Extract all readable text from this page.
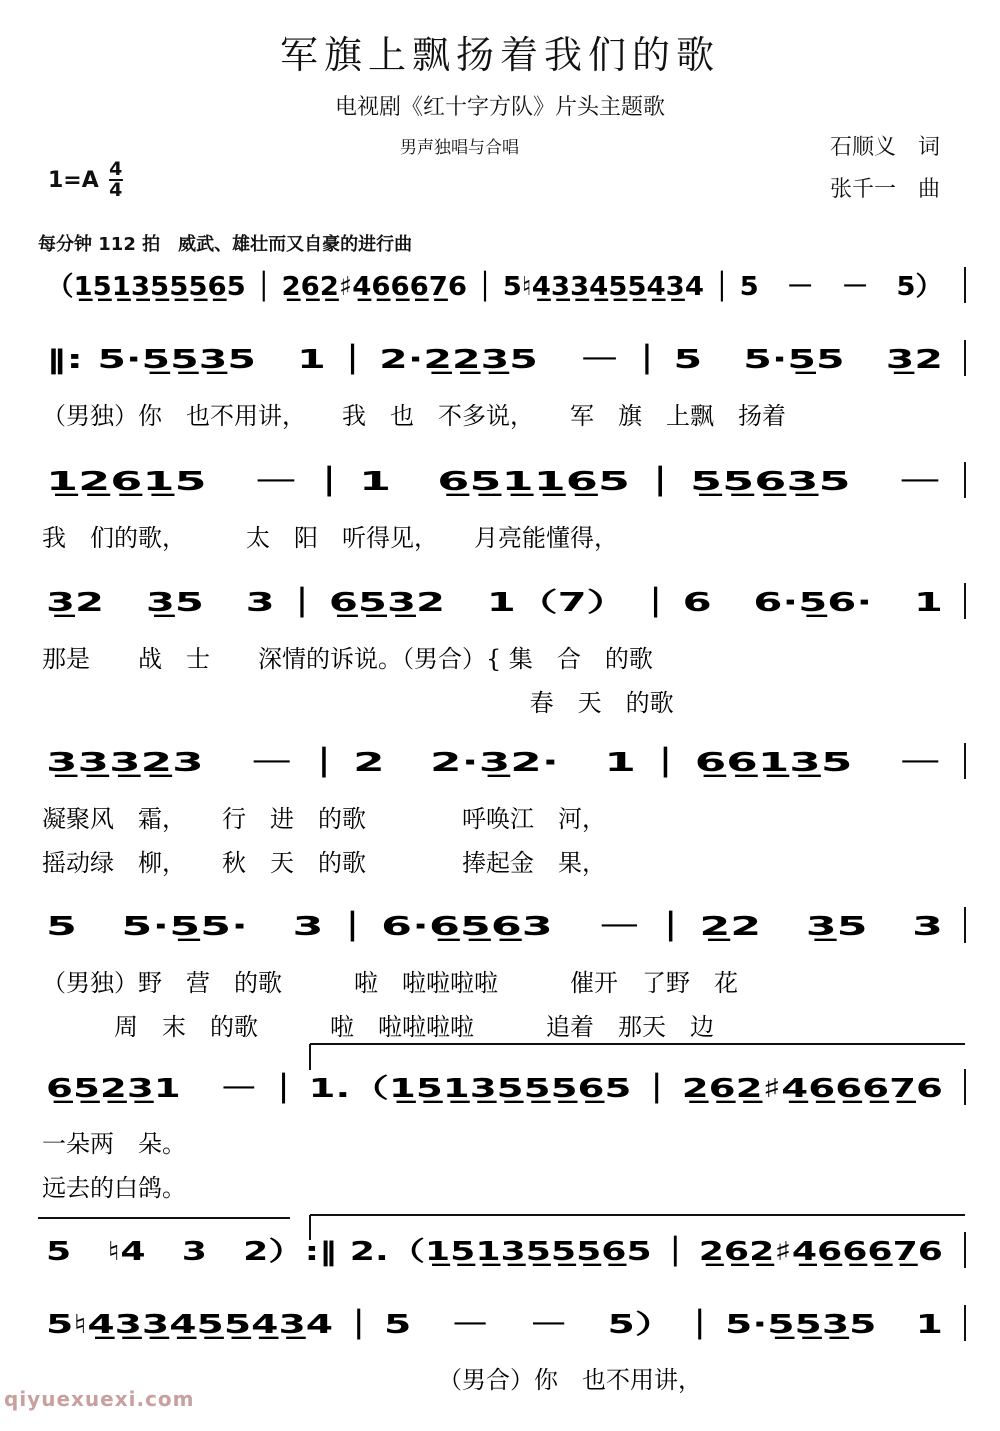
军旗上飘扬着我们的歌
电视剧《红十字方队》片头主题歌
男声独唱与合唱	石顺义　词
张千一　曲
1=A 4
4
每分钟 112 拍　威武、雄壮而又自豪的进行曲
（1̲5̲1̲3̲5̲5̲5̲6̲5 │ 2̲6̲2̲♯4̲6̲6̲6̲7̲6 │ 5♮4̲3̲3̲4̲5̲5̲4̲3̲4 │ 5　－　－　5）
‖: 5·5̲5̲3̲5　1 │ 2·2̲2̲3̲5　－ │ 5　5·5̲5　3̲2
（男独）你　也不用讲，　　我　也　不多说，　　军　旗　上飘　扬着
1̲2̲6̲1̲5　－ │ 1　6̲5̲1̲1̲6̲5 │ 5̲5̲6̲3̲5　－
我　们的歌，　　　太　阳　听得见，　　月亮能懂得，
3̲2　3̲5　3 │ 6̲5̲3̲2　1（7） │ 6　6·5̲6·　1
那是　　战　士　　深情的诉说。（男合）{ 集　合　的歌
　　　　　　　　　　　　　　　　　　　　 春　天　的歌
3̲3̲3̲2̲3　－ │ 2　2·3̲2·　1 │ 6̲6̲1̲3̲5　－
凝聚风　霜，　　行　进　的歌　　　　呼唤江　河，
摇动绿　柳，　　秋　天　的歌　　　　捧起金　果，
5　5·5̲5·　3 │ 6·6̲5̲6̲3　－ │ 2̲2　3̲5　3
（男独）野　营　的歌　　　啦　啦啦啦啦　　　催开　了野　花
　　　周　末　的歌　　　啦　啦啦啦啦　　　追着　那天　边
6̲5̲2̲3̲1　－ │ 1.（1̲5̲1̲3̲5̲5̲5̲6̲5 │ 2̲6̲2̲♯4̲6̲6̲6̲7̲6
一朵两　朵。
远去的白鸽。
5　♮4　3　2）:‖ 2.（1̲5̲1̲3̲5̲5̲5̲6̲5 │ 2̲6̲2̲♯4̲6̲6̲6̲7̲6
5♮4̲3̲3̲4̲5̲5̲4̲3̲4 │ 5　－　－　5） │ 5·5̲5̲3̲5　1
　　　　　　　　　　　　　　　　　（男合）你　也不用讲，
qiyuexuexi.com
